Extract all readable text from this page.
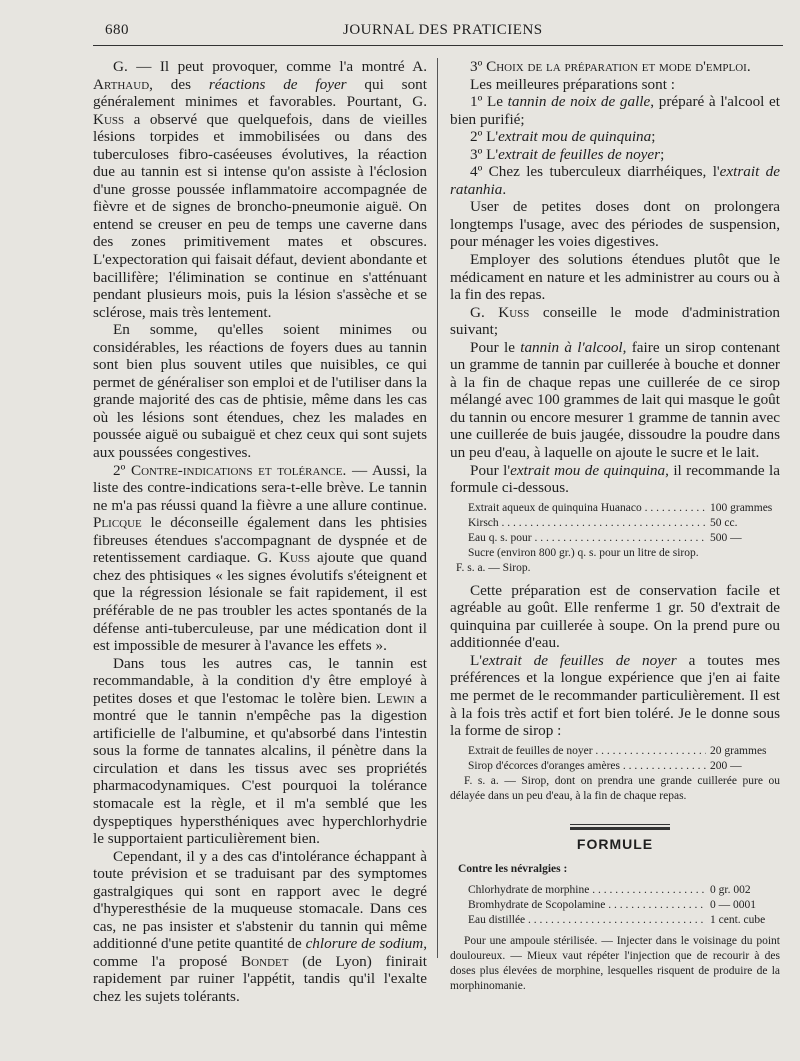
680	JOURNAL DES PRATICIENS

G. — Il peut provoquer, comme l'a montré A. Arthaud, des réactions de foyer qui sont généralement minimes et favorables. Pourtant, G. Kuss a observé que quelquefois, dans de vieilles lésions torpides et immobilisées ou dans des tuberculoses fibro-caséeuses évolutives, la réaction due au tannin est si intense qu'on assiste à l'éclosion d'une grosse poussée inflammatoire accompagnée de fièvre et de signes de broncho-pneumonie aiguë. On entend se creuser en peu de temps une caverne dans des zones primitivement mates et obscures. L'expectoration qui faisait défaut, devient abondante et bacillifère; l'élimination se continue en s'atténuant pendant plusieurs mois, puis la lésion s'assèche et se sclérose, mais très lentement.

En somme, qu'elles soient minimes ou considérables, les réactions de foyers dues au tannin sont bien plus souvent utiles que nuisibles, ce qui permet de généraliser son emploi et de l'utiliser dans la grande majorité des cas de phtisie, même dans les cas où les lésions sont étendues, chez les malades en poussée aiguë ou subaiguë et chez ceux qui sont sujets aux poussées congestives.

2º Contre-indications et tolérance. — Aussi, la liste des contre-indications sera-t-elle brève. Le tannin ne m'a pas réussi quand la fièvre a une allure continue. Plicque le déconseille également dans les phtisies fibreuses étendues s'accompagnant de dyspnée et de retentissement cardiaque. G. Kuss ajoute que quand chez des phtisiques « les signes évolutifs s'éteignent et que la régression lésionale se fait rapidement, il est préférable de ne pas troubler les actes spontanés de la défense anti-tuberculeuse, par une médication dont il est impossible de mesurer à l'avance les effets ».

Dans tous les autres cas, le tannin est recommandable, à la condition d'y être employé à petites doses et que l'estomac le tolère bien. Lewin a montré que le tannin n'empêche pas la digestion artificielle de l'albumine, et qu'absorbé dans l'intestin sous la forme de tannates alcalins, il pénètre dans la circulation et dans les tissus avec ses propriétés pharmacodynamiques. C'est pourquoi la tolérance stomacale est la règle, et il m'a semblé que les dyspeptiques hypersthéniques avec hyperchlorhydrie le supportaient particulièrement bien.

Cependant, il y a des cas d'intolérance échappant à toute prévision et se traduisant par des symptomes gastralgiques qui sont en rapport avec le degré d'hyperesthésie de la muqueuse stomacale. Dans ces cas, ne pas insister et s'abstenir du tannin qui même additionné d'une petite quantité de chlorure de sodium, comme l'a proposé Bondet (de Lyon) finirait rapidement par ruiner l'appétit, tandis qu'il l'exalte chez les sujets tolérants.

3º Choix de la préparation et mode d'emploi.

Les meilleures préparations sont :

1º Le tannin de noix de galle, préparé à l'alcool et bien purifié;

2º L'extrait mou de quinquina;

3º L'extrait de feuilles de noyer;

4º Chez les tuberculeux diarrhéiques, l'extrait de ratanhia.

User de petites doses dont on prolongera longtemps l'usage, avec des périodes de suspension, pour ménager les voies digestives.

Employer des solutions étendues plutôt que le médicament en nature et les administrer au cours ou à la fin des repas.

G. Kuss conseille le mode d'administration suivant;

Pour le tannin à l'alcool, faire un sirop contenant un gramme de tannin par cuillerée à bouche et donner à la fin de chaque repas une cuillerée de ce sirop mélangé avec 100 grammes de lait qui masque le goût du tannin ou encore mesurer 1 gramme de tannin avec une cuillerée de buis jaugée, dissoudre la poudre dans un peu d'eau, à laquelle on ajoute le sucre et le lait.

Pour l'extrait mou de quinquina, il recommande la formule ci-dessous.

Extrait aqueux de quinquina Huanaco . . .	100 grammes
Kirsch . . .	50 cc.
Eau q. s. pour . . .	500 —
Sucre (environ 800 gr.) q. s. pour un litre de sirop.
F. s. a. — Sirop.

Cette préparation est de conservation facile et agréable au goût. Elle renferme 1 gr. 50 d'extrait de quinquina par cuillerée à soupe. On la prend pure ou additionnée d'eau.

L'extrait de feuilles de noyer a toutes mes préférences et la longue expérience que j'en ai faite me permet de le recommander particulièrement. Il est à la fois très actif et fort bien toléré. Je le donne sous la forme de sirop :

Extrait de feuilles de noyer . . .	20 grammes
Sirop d'écorces d'oranges amères . . .	200 —
F. s. a. — Sirop, dont on prendra une grande cuillerée pure ou délayée dans un peu d'eau, à la fin de chaque repas.
FORMULE
Contre les névralgies :
Chlorhydrate de morphine . . .	0 gr. 002
Bromhydrate de Scopolamine . . .	0 — 0001
Eau distillée . . .	1 cent. cube
Pour une ampoule stérilisée. — Injecter dans le voisinage du point douloureux. — Mieux vaut répéter l'injection que de recourir à des doses plus élevées de morphine, lesquelles risquent de produire de la morphinomanie.
